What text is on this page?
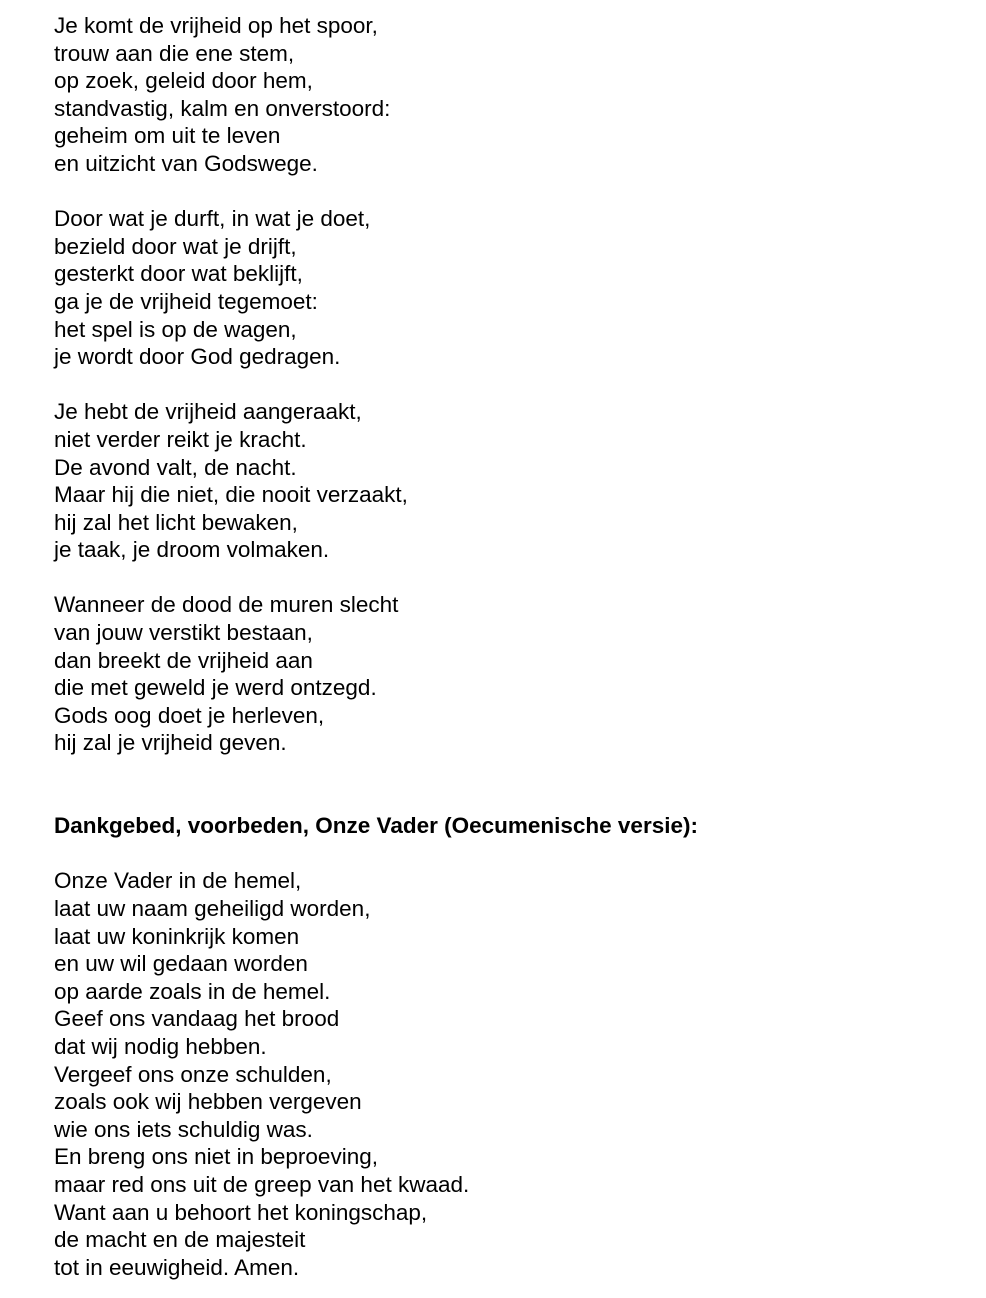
Je komt de vrijheid op het spoor,
trouw aan die ene stem,
op zoek, geleid door hem,
standvastig, kalm en onverstoord:
geheim om uit te leven
en uitzicht van Godswege.
Door wat je durft, in wat je doet,
bezield door wat je drijft,
gesterkt door wat beklijft,
ga je de vrijheid tegemoet:
het spel is op de wagen,
je wordt door God gedragen.
Je hebt de vrijheid aangeraakt,
niet verder reikt je kracht.
De avond valt, de nacht.
Maar hij die niet, die nooit verzaakt,
hij zal het licht bewaken,
je taak, je droom volmaken.
Wanneer de dood de muren slecht
van jouw verstikt bestaan,
dan breekt de vrijheid aan
die met geweld je werd ontzegd.
Gods oog doet je herleven,
hij zal je vrijheid geven.
Dankgebed, voorbeden, Onze Vader (Oecumenische versie):
Onze Vader in de hemel,
laat uw naam geheiligd worden,
laat uw koninkrijk komen
en uw wil gedaan worden
op aarde zoals in de hemel.
Geef ons vandaag het brood
dat wij nodig hebben.
Vergeef ons onze schulden,
zoals ook wij hebben vergeven
wie ons iets schuldig was.
En breng ons niet in beproeving,
maar red ons uit de greep van het kwaad.
Want aan u behoort het koningschap,
de macht en de majesteit
tot in eeuwigheid. Amen.
